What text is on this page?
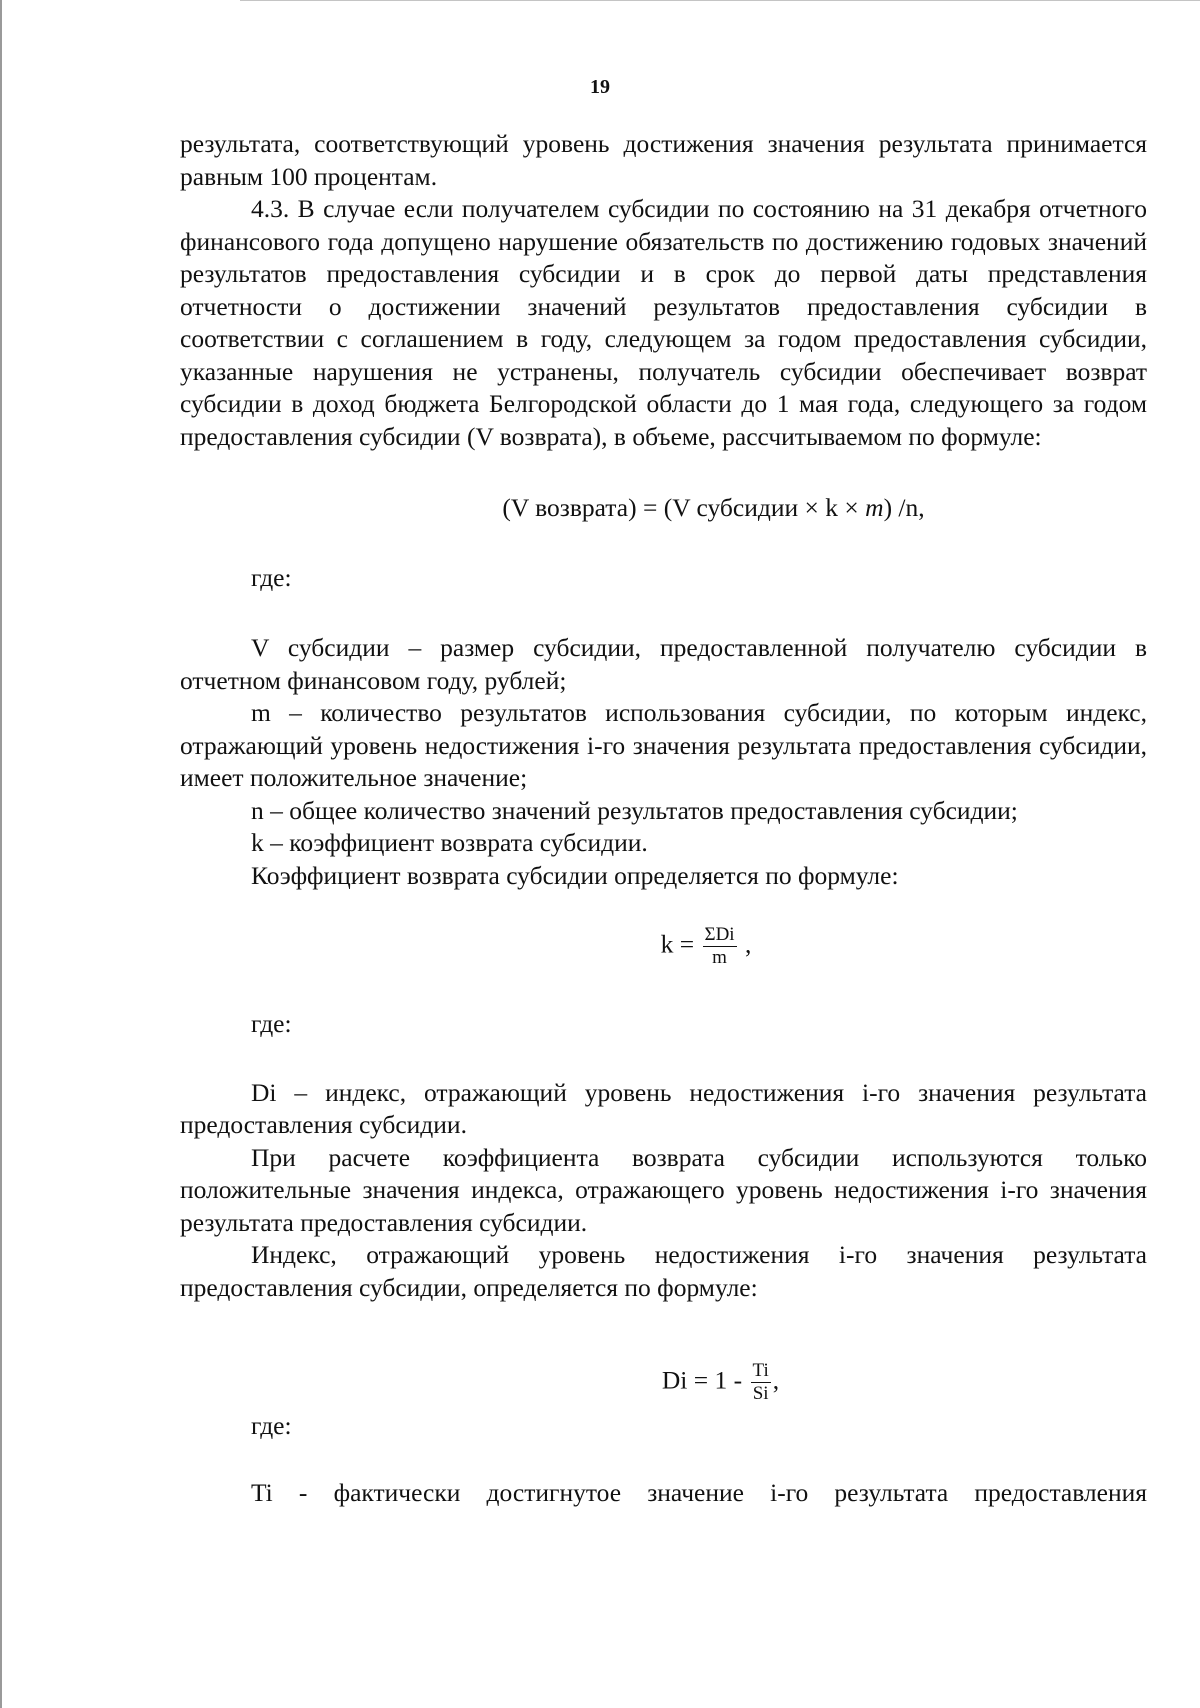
19

результата, соответствующий уровень достижения значения результата принимается равным 100 процентам.

4.3. В случае если получателем субсидии по состоянию на 31 декабря отчетного финансового года допущено нарушение обязательств по достижению годовых значений результатов предоставления субсидии и в срок до первой даты представления отчетности о достижении значений результатов предоставления субсидии в соответствии с соглашением в году, следующем за годом предоставления субсидии, указанные нарушения не устранены, получатель субсидии обеспечивает возврат субсидии в доход бюджета Белгородской области до 1 мая года, следующего за годом предоставления субсидии (V возврата), в объеме, рассчитываемом по формуле:

(V возврата) = (V субсидии × k × m) /n,

где:

V субсидии – размер субсидии, предоставленной получателю субсидии в отчетном финансовом году, рублей;

m – количество результатов использования субсидии, по которым индекс, отражающий уровень недостижения i-го значения результата предоставления субсидии, имеет положительное значение;

n – общее количество значений результатов предоставления субсидии;

k – коэффициент возврата субсидии.

Коэффициент возврата субсидии определяется по формуле:

$k = \frac{\text{ΣDi}}{m}$ ,

где:

Di – индекс, отражающий уровень недостижения i-го значения результата предоставления субсидии.

При расчете коэффициента возврата субсидии используются только положительные значения индекса, отражающего уровень недостижения i-го значения результата предоставления субсидии.

Индекс, отражающий уровень недостижения i-го значения результата предоставления субсидии, определяется по формуле:

$Di = 1 - \frac{Ti}{Si}$ ,

где:

Ti - фактически достигнутое значение i-го результата предоставления
